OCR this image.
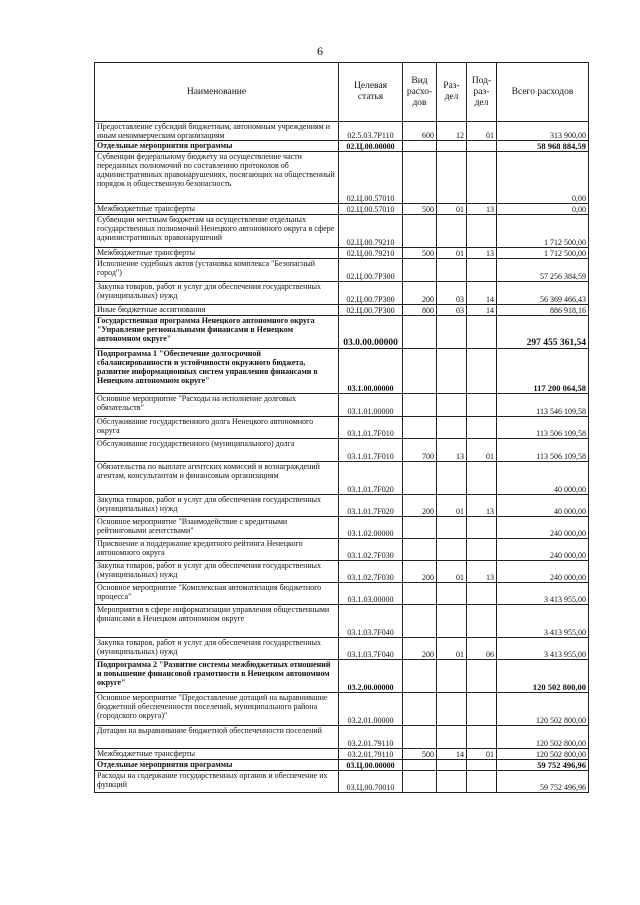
6
Наименование	Целевая статья	Вид расхо-дов	Раз-дел	Под-раз-дел	Всего расходов
Предоставление субсидий бюджетным, автономным учреждениям и иным некоммерческим организациям	02.5.03.7Р110	600	12	01	313 900,00
Отдельные мероприятия программы	02.Ц.00.00000				58 968 884,59
Субвенции федеральному бюджету на осуществление части переданных полномочий по составлению протоколов об административных правонарушениях, посягающих на общественный порядок и общественную безопасность	02.Ц.00.57010				0,00
Межбюджетные трансферты	02.Ц.00.57010	500	01	13	0,00
Субвенции местным бюджетам на осуществление отдельных государственных полномочий Ненецкого автономного округа в сфере административных правонарушений	02.Ц.00.79210				1 712 500,00
Межбюджетные трансферты	02.Ц.00.79210	500	01	13	1 712 500,00
Исполнение судебных актов (установка комплекса "Безопасный город")	02.Ц.00.7Р300				57 256 384,59
Закупка товаров, работ и услуг для обеспечения государственных (муниципальных) нужд	02.Ц.00.7Р300	200	03	14	56 369 466,43
Иные бюджетные ассигнования	02.Ц.00.7Р300	800	03	14	886 918,16
Государственная программа Ненецкого автономного округа "Управление региональными финансами в Ненецком автономном округе"	03.0.00.00000				297 455 361,54
Подпрограмма 1 "Обеспечение долгосрочной сбалансированности и устойчивости окружного бюджета, развитие информационных систем управления финансами в Ненецком автономном округе"	03.1.00.00000				117 200 064,58
Основное мероприятие "Расходы на исполнение долговых обязательств"	03.1.01.00000				113 546 109,58
Обслуживание государственного долга Ненецкого автономного округа	03.1.01.7F010				113 506 109,58
Обслуживание государственного (муниципального) долга	03.1.01.7F010	700	13	01	113 506 109,58
Обязательства по выплате агентских комиссий и вознаграждений агентам, консультантам и финансовым организациям	03.1.01.7F020				40 000,00
Закупка товаров, работ и услуг для обеспечения государственных (муниципальных) нужд	03.1.01.7F020	200	01	13	40 000,00
Основное мероприятие "Взаимодействие с кредитными рейтинговыми агентствами"	03.1.02.00000				240 000,00
Присвоение и поддержание кредитного рейтинга Ненецкого автономного округа	03.1.02.7F030				240 000,00
Закупка товаров, работ и услуг для обеспечения государственных (муниципальных) нужд	03.1.02.7F030	200	01	13	240 000,00
Основное мероприятие "Комплексная автоматизация бюджетного процесса"	03.1.03.00000				3 413 955,00
Мероприятия в сфере информатизации управления общественными финансами в Ненецком автономном округе	03.1.03.7F040				3 413 955,00
Закупка товаров, работ и услуг для обеспечения государственных (муниципальных) нужд	03.1.03.7F040	200	01	06	3 413 955,00
Подпрограмма 2 "Развитие системы межбюджетных отношений и повышение финансовой грамотности в Ненецком автономном округе"	03.2.00.00000				120 502 800,00
Основное мероприятие "Предоставление дотаций на выравнивание бюджетной обеспеченности поселений, муниципального района (городского округа)"	03.2.01.00000				120 502 800,00
Дотации на выравнивание бюджетной обеспеченности поселений	03.2.01.79110				120 502 800,00
Межбюджетные трансферты	03.2.01.79110	500	14	01	120 502 800,00
Отдельные мероприятия программы	03.Ц.00.00000				59 752 496,96
Расходы на содержание государственных органов и обеспечение их функций	03.Ц.00.70010				59 752 496,96
